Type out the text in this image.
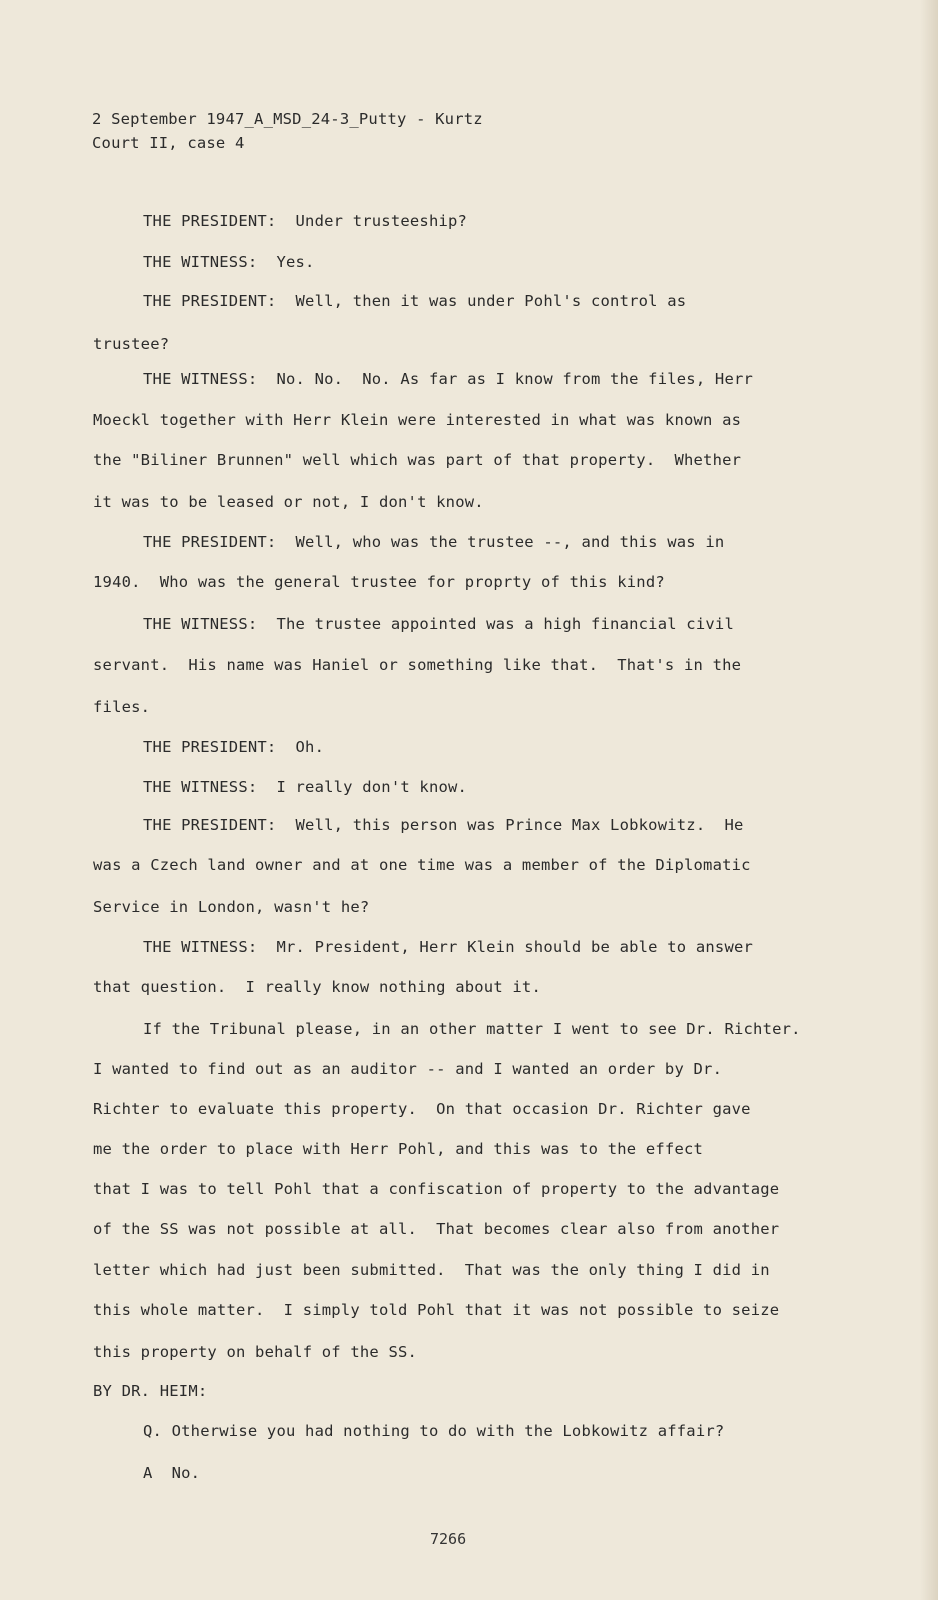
2 September 1947_A_MSD_24-3_Putty - Kurtz
Court II, case 4
THE PRESIDENT:  Under trusteeship?
THE WITNESS:  Yes.
THE PRESIDENT:  Well, then it was under Pohl's control as
trustee?
THE WITNESS:  No. No.  No. As far as I know from the files, Herr
Moeckl together with Herr Klein were interested in what was known as
the "Biliner Brunnen" well which was part of that property.  Whether
it was to be leased or not, I don't know.
THE PRESIDENT:  Well, who was the trustee --, and this was in
1940.  Who was the general trustee for proprty of this kind?
THE WITNESS:  The trustee appointed was a high financial civil
servant.  His name was Haniel or something like that.  That's in the
files.
THE PRESIDENT:  Oh.
THE WITNESS:  I really don't know.
THE PRESIDENT:  Well, this person was Prince Max Lobkowitz.  He
was a Czech land owner and at one time was a member of the Diplomatic
Service in London, wasn't he?
THE WITNESS:  Mr. President, Herr Klein should be able to answer
that question.  I really know nothing about it.
If the Tribunal please, in an other matter I went to see Dr. Richter.
I wanted to find out as an auditor -- and I wanted an order by Dr.
Richter to evaluate this property.  On that occasion Dr. Richter gave
me the order to place with Herr Pohl, and this was to the effect
that I was to tell Pohl that a confiscation of property to the advantage
of the SS was not possible at all.  That becomes clear also from another
letter which had just been submitted.  That was the only thing I did in
this whole matter.  I simply told Pohl that it was not possible to seize
this property on behalf of the SS.
BY DR. HEIM:
Q. Otherwise you had nothing to do with the Lobkowitz affair?
A  No.
7266
